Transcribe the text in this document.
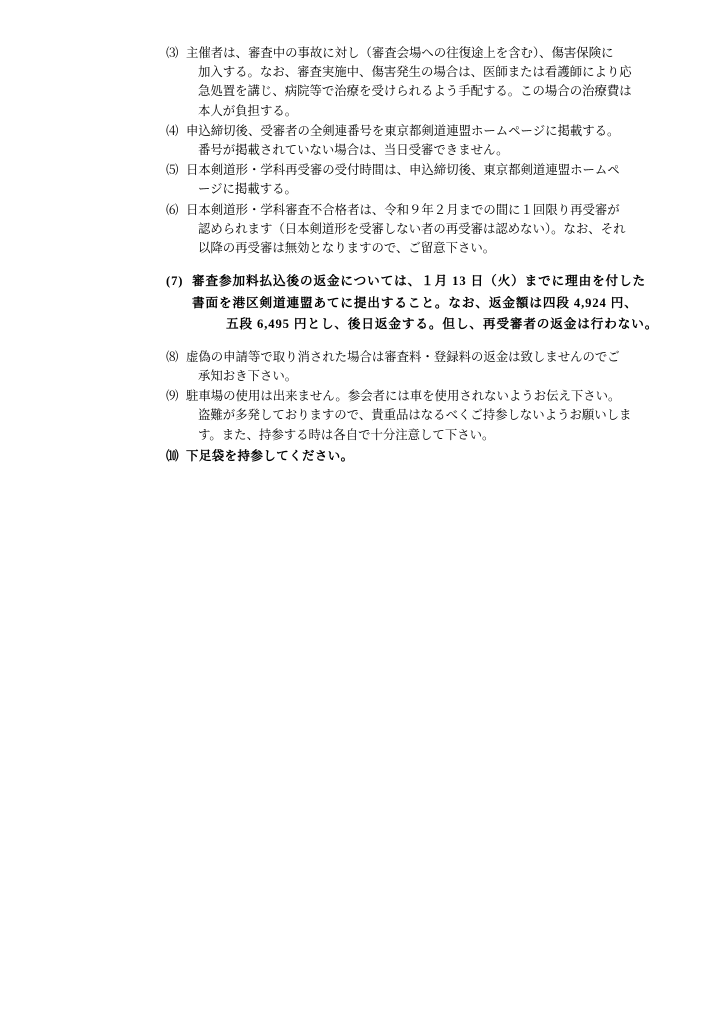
⑶ 主催者は、審査中の事故に対し（審査会場への往復途上を含む）、傷害保険に
加入する。なお、審査実施中、傷害発生の場合は、医師または看護師により応
急処置を講じ、病院等で治療を受けられるよう手配する。この場合の治療費は
本人が負担する。
⑷ 申込締切後、受審者の全剣連番号を東京都剣道連盟ホームページに掲載する。
番号が掲載されていない場合は、当日受審できません。
⑸ 日本剣道形・学科再受審の受付時間は、申込締切後、東京都剣道連盟ホームペ
ージに掲載する。
⑹ 日本剣道形・学科審査不合格者は、令和９年２月までの間に１回限り再受審が
認められます（日本剣道形を受審しない者の再受審は認めない）。なお、それ
以降の再受審は無効となりますので、ご留意下さい。
(7) 審査参加料払込後の返金については、１月 13 日（火）までに理由を付した
書面を港区剣道連盟あてに提出すること。なお、返金額は四段 4,924 円、
五段 6,495 円とし、後日返金する。但し、再受審者の返金は行わない。
⑻ 虚偽の申請等で取り消された場合は審査料・登録料の返金は致しませんのでご
承知おき下さい。
⑼ 駐車場の使用は出来ません。参会者には車を使用されないようお伝え下さい。
盗難が多発しておりますので、貴重品はなるべくご持参しないようお願いしま
す。また、持参する時は各自で十分注意して下さい。
⑽ 下足袋を持参してください。
